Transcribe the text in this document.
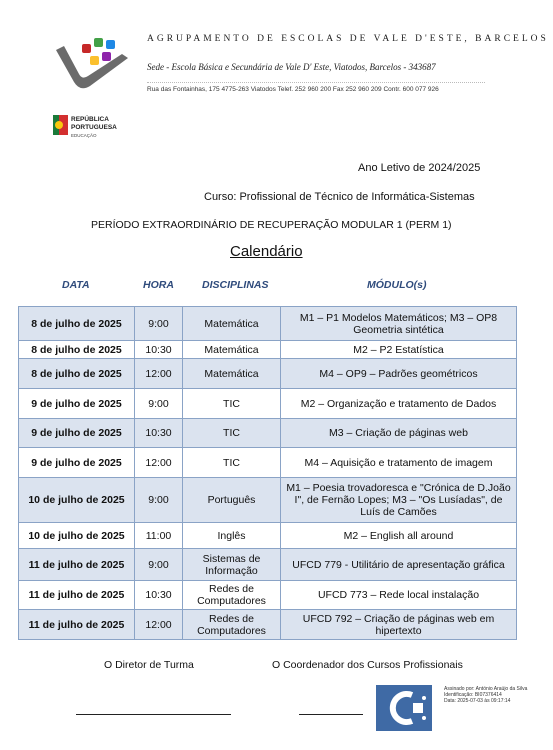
AGRUPAMENTO DE ESCOLAS DE VALE D'ESTE, BARCELOS
Sede - Escola Básica e Secundária de Vale D' Este, Viatodos, Barcelos - 343687
Rua das Fontainhas, 175 4775-263 Viatodos Telef. 252 960 200 Fax 252 960 209 Contr. 600 077 926
REPÚBLICA
PORTUGUESA
EDUCAÇÃO
Ano Letivo de 2024/2025
Curso: Profissional de Técnico de Informática-Sistemas
PERÍODO EXTRAORDINÁRIO DE RECUPERAÇÃO MODULAR 1 (PERM 1)
Calendário
DATA	HORA	DISCIPLINAS	MÓDULO(s)
8 de julho de 2025	9:00	Matemática	M1 – P1 Modelos Matemáticos; M3 – OP8 Geometria sintética
8 de julho de 2025	10:30	Matemática	M2 – P2 Estatística
8 de julho de 2025	12:00	Matemática	M4 – OP9 – Padrões geométricos
9 de julho de 2025	9:00	TIC	M2 – Organização e tratamento de Dados
9 de julho de 2025	10:30	TIC	M3 – Criação de páginas web
9 de julho de 2025	12:00	TIC	M4 – Aquisição e tratamento de imagem
10 de julho de 2025	9:00	Português	M1 – Poesia trovadoresca e "Crónica de D.João I", de Fernão Lopes; M3 – "Os Lusíadas", de Luís de Camões
10 de julho de 2025	11:00	Inglês	M2 – English all around
11 de julho de 2025	9:00	Sistemas de Informação	UFCD 779 - Utilitário de apresentação gráfica
11 de julho de 2025	10:30	Redes de Computadores	UFCD 773 – Rede local instalação
11 de julho de 2025	12:00	Redes de Computadores	UFCD 792 – Criação de páginas web em hipertexto
O Diretor de Turma	O Coordenador dos Cursos Profissionais
Assinado por: António Araújo da Silva
Identificação: BI07376414
Data: 2025-07-03 às 09:17:14
